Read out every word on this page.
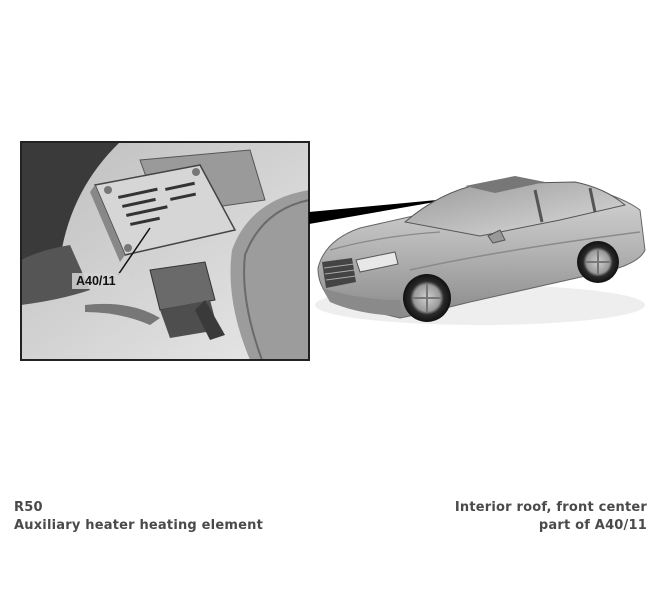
A40/11
R50
Auxiliary heater heating element
Interior roof, front center
part of A40/11
